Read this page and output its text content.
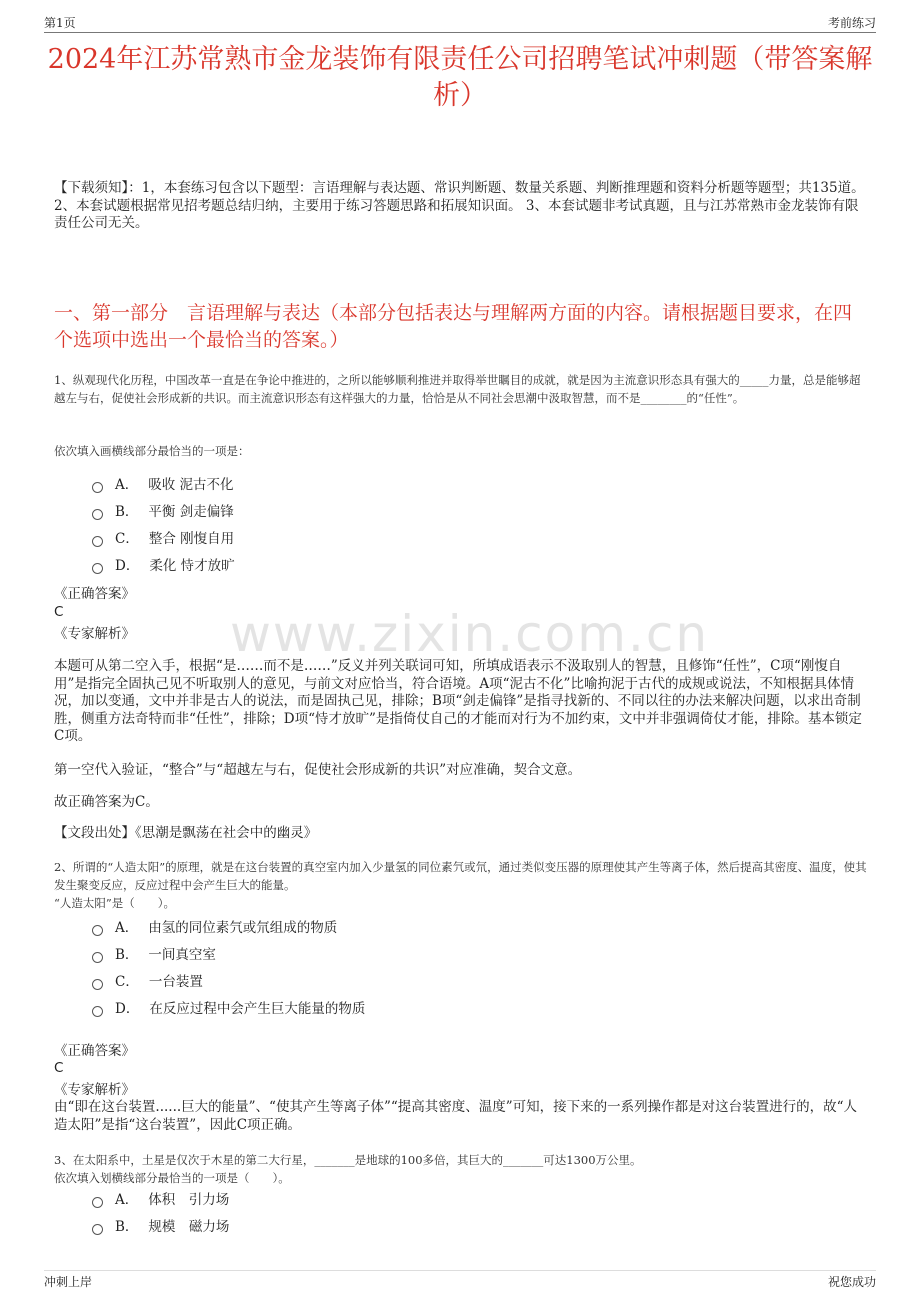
第1页	考前练习
www.zixin.com.cn
2024年江苏常熟市金龙装饰有限责任公司招聘笔试冲刺题（带答案解析）
【下载须知】：1，本套练习包含以下题型：言语理解与表达题、常识判断题、数量关系题、判断推理题和资料分析题等题型；共135道。 2、本套试题根据常见招考题总结归纳，主要用于练习答题思路和拓展知识面。 3、本套试题非考试真题，且与江苏常熟市金龙装饰有限责任公司无关。
一、第一部分　言语理解与表达（本部分包括表达与理解两方面的内容。请根据题目要求，在四个选项中选出一个最恰当的答案。）
1、纵观现代化历程，中国改革一直是在争论中推进的，之所以能够顺利推进并取得举世瞩目的成就，就是因为主流意识形态具有强大的_____力量，总是能够超越左与右，促使社会形成新的共识。而主流意识形态有这样强大的力量，恰恰是从不同社会思潮中汲取智慧，而不是________的“任性”。
依次填入画横线部分最恰当的一项是：
A． 吸收 泥古不化
B． 平衡 剑走偏锋
C． 整合 刚愎自用
D． 柔化 恃才放旷
《正确答案》
C
《专家解析》
本题可从第二空入手，根据“是……而不是……”反义并列关联词可知，所填成语表示不汲取别人的智慧，且修饰“任性”，C项“刚愎自用”是指完全固执己见不听取别人的意见，与前文对应恰当，符合语境。A项“泥古不化”比喻拘泥于古代的成规或说法，不知根据具体情况，加以变通，文中并非是古人的说法，而是固执己见，排除；B项“剑走偏锋”是指寻找新的、不同以往的办法来解决问题，以求出奇制胜，侧重方法奇特而非“任性”，排除；D项“恃才放旷”是指倚仗自己的才能而对行为不加约束，文中并非强调倚仗才能，排除。基本锁定C项。
第一空代入验证，“整合”与“超越左与右，促使社会形成新的共识”对应准确，契合文意。
故正确答案为C。
【文段出处】《思潮是飘荡在社会中的幽灵》
2、所谓的“人造太阳”的原理，就是在这台装置的真空室内加入少量氢的同位素氕或氘，通过类似变压器的原理使其产生等离子体，然后提高其密度、温度，使其发生聚变反应，反应过程中会产生巨大的能量。
“人造太阳”是（　　）。
A． 由氢的同位素氕或氘组成的物质
B． 一间真空室
C． 一台装置
D． 在反应过程中会产生巨大能量的物质
《正确答案》
C
《专家解析》
由“即在这台装置......巨大的能量”、“使其产生等离子体”“提高其密度、温度”可知，接下来的一系列操作都是对这台装置进行的，故“人造太阳”是指“这台装置”，因此C项正确。
3、在太阳系中，土星是仅次于木星的第二大行星，_______是地球的100多倍，其巨大的_______可达1300万公里。
依次填入划横线部分最恰当的一项是（　　）。
A． 体积　引力场
B． 规模　磁力场
冲刺上岸	祝您成功
